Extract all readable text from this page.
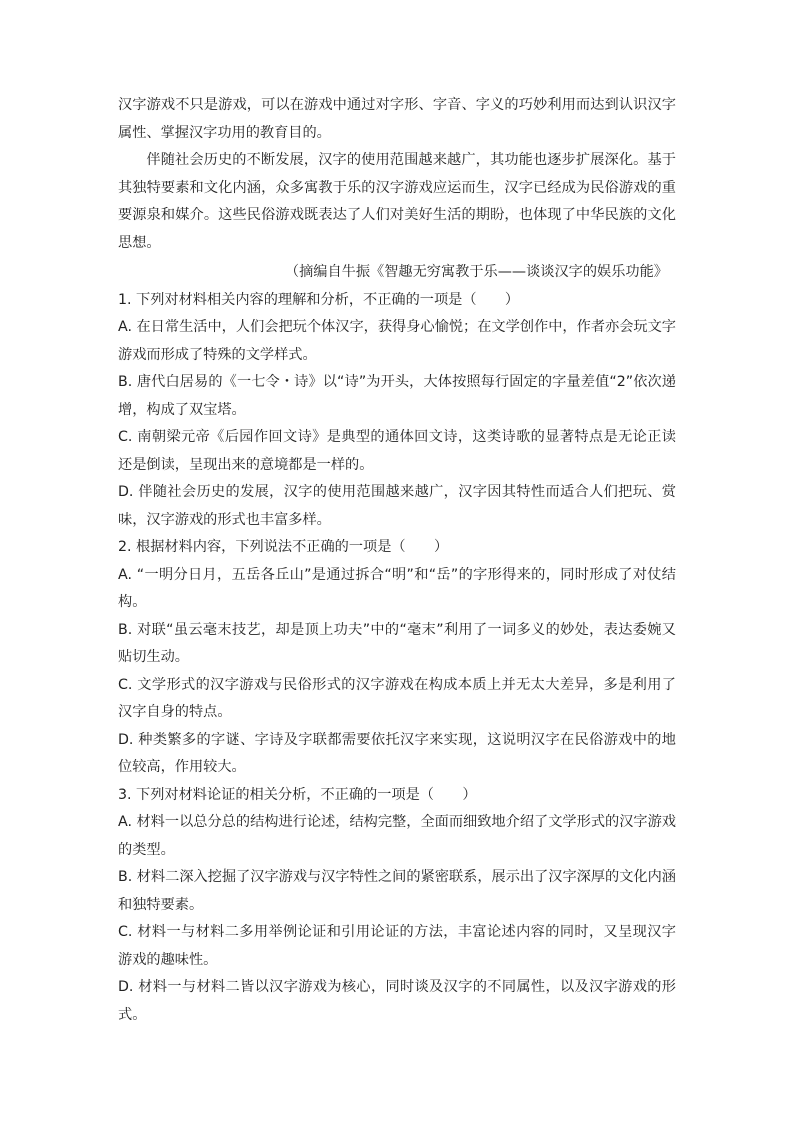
汉字游戏不只是游戏，可以在游戏中通过对字形、字音、字义的巧妙利用而达到认识汉字属性、掌握汉字功用的教育目的。

伴随社会历史的不断发展，汉字的使用范围越来越广，其功能也逐步扩展深化。基于其独特要素和文化内涵，众多寓教于乐的汉字游戏应运而生，汉字已经成为民俗游戏的重要源泉和媒介。这些民俗游戏既表达了人们对美好生活的期盼，也体现了中华民族的文化思想。

（摘编自牛振《智趣无穷寓教于乐——谈谈汉字的娱乐功能》

1. 下列对材料相关内容的理解和分析，不正确的一项是（　　）

A. 在日常生活中，人们会把玩个体汉字，获得身心愉悦；在文学创作中，作者亦会玩文字游戏而形成了特殊的文学样式。

B. 唐代白居易的《一七令・诗》以“诗”为开头，大体按照每行固定的字量差值“2”依次递增，构成了双宝塔。

C. 南朝梁元帝《后园作回文诗》是典型的通体回文诗，这类诗歌的显著特点是无论正读还是倒读，呈现出来的意境都是一样的。

D. 伴随社会历史的发展，汉字的使用范围越来越广，汉字因其特性而适合人们把玩、赏味，汉字游戏的形式也丰富多样。

2. 根据材料内容，下列说法不正确的一项是（　　）

A. “一明分日月，五岳各丘山”是通过拆合“明”和“岳”的字形得来的，同时形成了对仗结构。

B. 对联“虽云毫末技艺，却是顶上功夫”中的“毫末”利用了一词多义的妙处，表达委婉又贴切生动。

C. 文学形式的汉字游戏与民俗形式的汉字游戏在构成本质上并无太大差异，多是利用了汉字自身的特点。

D. 种类繁多的字谜、字诗及字联都需要依托汉字来实现，这说明汉字在民俗游戏中的地位较高，作用较大。

3. 下列对材料论证的相关分析，不正确的一项是（　　）

A. 材料一以总分总的结构进行论述，结构完整，全面而细致地介绍了文学形式的汉字游戏的类型。

B. 材料二深入挖掘了汉字游戏与汉字特性之间的紧密联系，展示出了汉字深厚的文化内涵和独特要素。

C. 材料一与材料二多用举例论证和引用论证的方法，丰富论述内容的同时，又呈现汉字游戏的趣味性。

D. 材料一与材料二皆以汉字游戏为核心，同时谈及汉字的不同属性，以及汉字游戏的形式。
